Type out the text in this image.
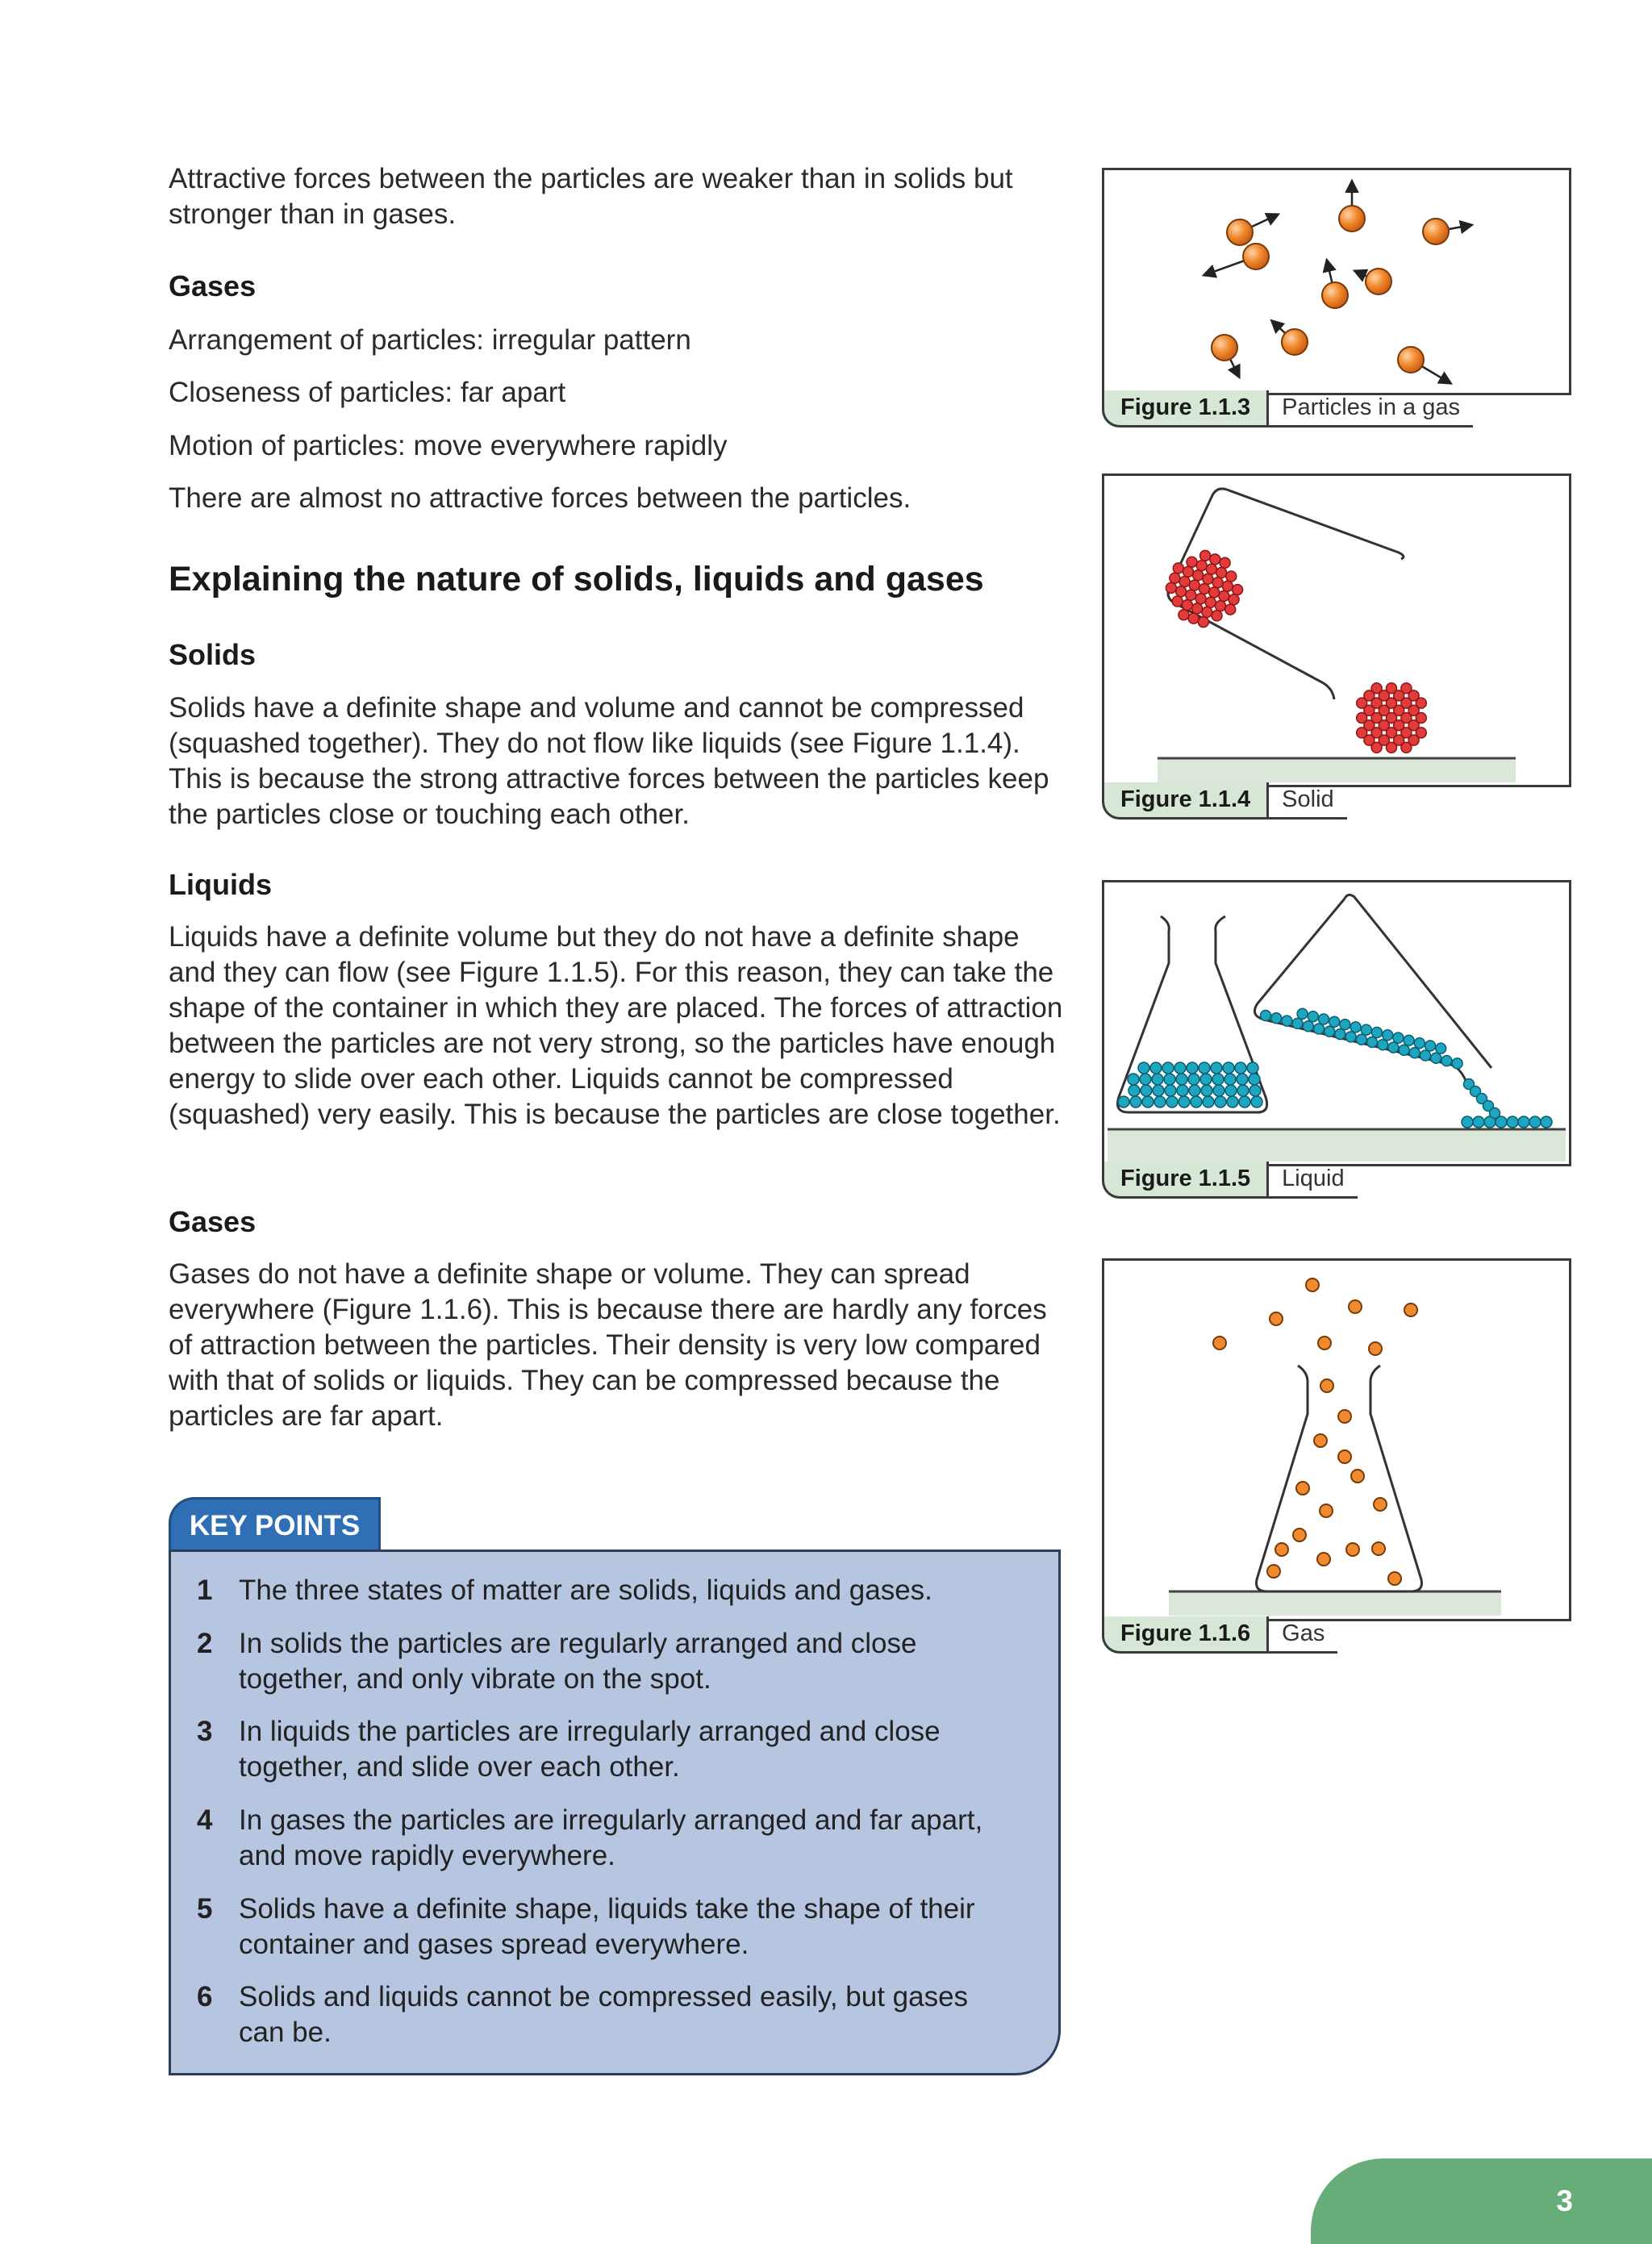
Attractive forces between the particles are weaker than in solids but stronger than in gases.

Gases

Arrangement of particles: irregular pattern

Closeness of particles: far apart

Motion of particles: move everywhere rapidly

There are almost no attractive forces between the particles.

Explaining the nature of solids, liquids and gases

Solids

Solids have a definite shape and volume and cannot be compressed (squashed together). They do not flow like liquids (see Figure 1.1.4). This is because the strong attractive forces between the particles keep the particles close or touching each other.

Liquids

Liquids have a definite volume but they do not have a definite shape and they can flow (see Figure 1.1.5). For this reason, they can take the shape of the container in which they are placed. The forces of attraction between the particles are not very strong, so the particles have enough energy to slide over each other. Liquids cannot be compressed (squashed) very easily. This is because the particles are close together.

Gases

Gases do not have a definite shape or volume. They can spread everywhere (Figure 1.1.6). This is because there are hardly any forces of attraction between the particles. Their density is very low compared with that of solids or liquids. They can be compressed because the particles are far apart.

KEY POINTS
1 The three states of matter are solids, liquids and gases.
2 In solids the particles are regularly arranged and close together, and only vibrate on the spot.
3 In liquids the particles are irregularly arranged and close together, and slide over each other.
4 In gases the particles are irregularly arranged and far apart, and move rapidly everywhere.
5 Solids have a definite shape, liquids take the shape of their container and gases spread everywhere.
6 Solids and liquids cannot be compressed easily, but gases can be.
Figure 1.1.3	Particles in a gas
Figure 1.1.4	Solid
Figure 1.1.5	Liquid
Figure 1.1.6	Gas
3
